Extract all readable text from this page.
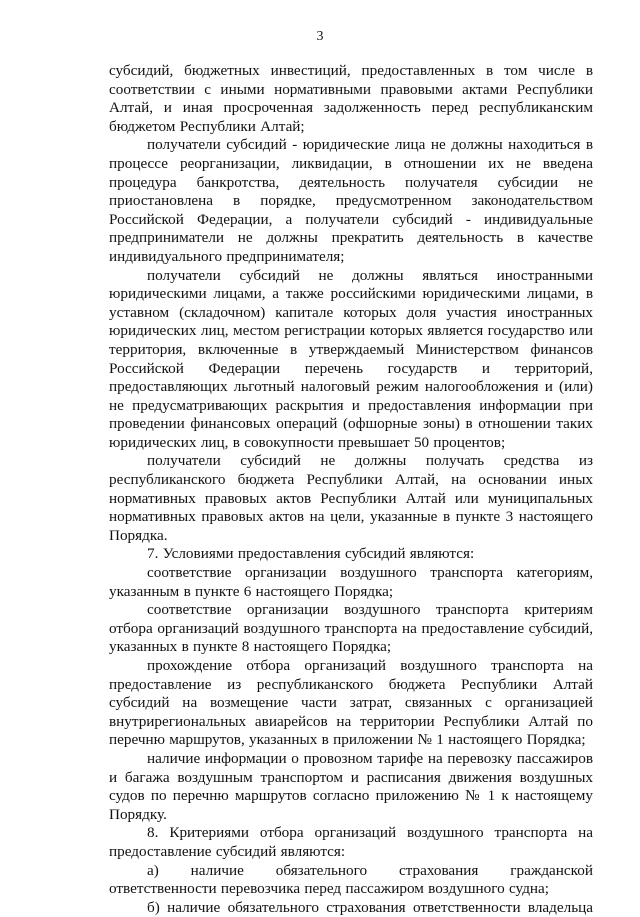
3

субсидий, бюджетных инвестиций, предоставленных в том числе в соответствии с иными нормативными правовыми актами Республики Алтай, и иная просроченная задолженность перед республиканским бюджетом Республики Алтай;

получатели субсидий - юридические лица не должны находиться в процессе реорганизации, ликвидации, в отношении их не введена процедура банкротства, деятельность получателя субсидии не приостановлена в порядке, предусмотренном законодательством Российской Федерации, а получатели субсидий - индивидуальные предприниматели не должны прекратить деятельность в качестве индивидуального предпринимателя;

получатели субсидий не должны являться иностранными юридическими лицами, а также российскими юридическими лицами, в уставном (складочном) капитале которых доля участия иностранных юридических лиц, местом регистрации которых является государство или территория, включенные в утверждаемый Министерством финансов Российской Федерации перечень государств и территорий, предоставляющих льготный налоговый режим налогообложения и (или) не предусматривающих раскрытия и предоставления информации при проведении финансовых операций (офшорные зоны) в отношении таких юридических лиц, в совокупности превышает 50 процентов;

получатели субсидий не должны получать средства из республиканского бюджета Республики Алтай, на основании иных нормативных правовых актов Республики Алтай или муниципальных нормативных правовых актов на цели, указанные в пункте 3 настоящего Порядка.

7. Условиями предоставления субсидий являются:

соответствие организации воздушного транспорта категориям, указанным в пункте 6 настоящего Порядка;

соответствие организации воздушного транспорта критериям отбора организаций воздушного транспорта на предоставление субсидий, указанных в пункте 8 настоящего Порядка;

прохождение отбора организаций воздушного транспорта на предоставление из республиканского бюджета Республики Алтай субсидий на возмещение части затрат, связанных с организацией внутрирегиональных авиарейсов на территории Республики Алтай по перечню маршрутов, указанных в приложении № 1 настоящего Порядка;

наличие информации о провозном тарифе на перевозку пассажиров и багажа воздушным транспортом и расписания движения воздушных судов по перечню маршрутов согласно приложению № 1 к настоящему Порядку.

8. Критериями отбора организаций воздушного транспорта на предоставление субсидий являются:

а) наличие обязательного страхования гражданской ответственности перевозчика перед пассажиром воздушного судна;

б) наличие обязательного страхования ответственности владельца
